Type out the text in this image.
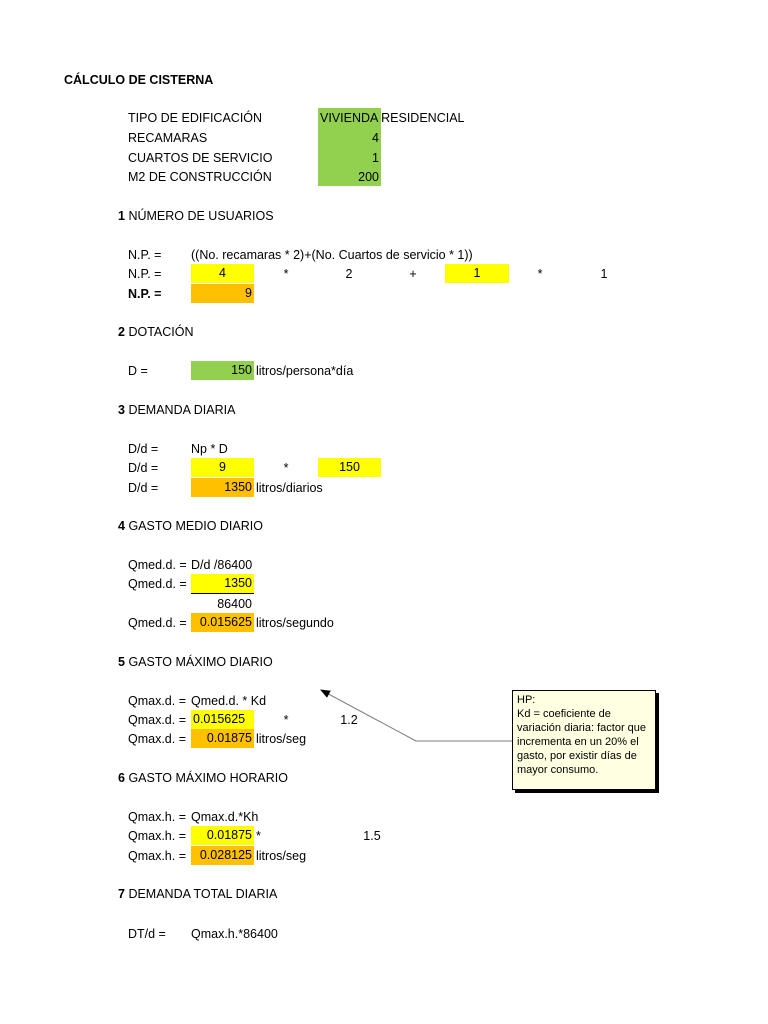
CÁLCULO DE CISTERNA
TIPO DE EDIFICACIÓN	VIVIENDA RESIDENCIAL
RECAMARAS	4
CUARTOS DE SERVICIO	1
M2 DE CONSTRUCCIÓN	200
1 NÚMERO DE USUARIOS
N.P. = ((No. recamaras * 2)+(No. Cuartos de servicio * 1))
N.P. =	4	*	2	+	1	*	1
N.P. =	9
2 DOTACIÓN
D =	150 litros/persona*día
3 DEMANDA DIARIA
D/d =	Np * D
D/d =	9	*	150
D/d =	1350 litros/diarios
4 GASTO MEDIO DIARIO
Qmed.d. = D/d /86400
Qmed.d. =	1350
86400
Qmed.d. =	0.015625 litros/segundo
5 GASTO MÁXIMO DIARIO
Qmax.d. = Qmed.d. * Kd
Qmax.d. = 0.015625	*	1.2
Qmax.d. =	0.01875 litros/seg
HP:
Kd = coeficiente de variación diaria: factor que incrementa en un 20% el gasto, por existir días de mayor consumo.
6 GASTO MÁXIMO HORARIO
Qmax.h. = Qmax.d.*Kh
Qmax.h. =	0.01875 *	1.5
Qmax.h. =	0.028125 litros/seg
7 DEMANDA TOTAL DIARIA
DT/d = Qmax.h.*86400
